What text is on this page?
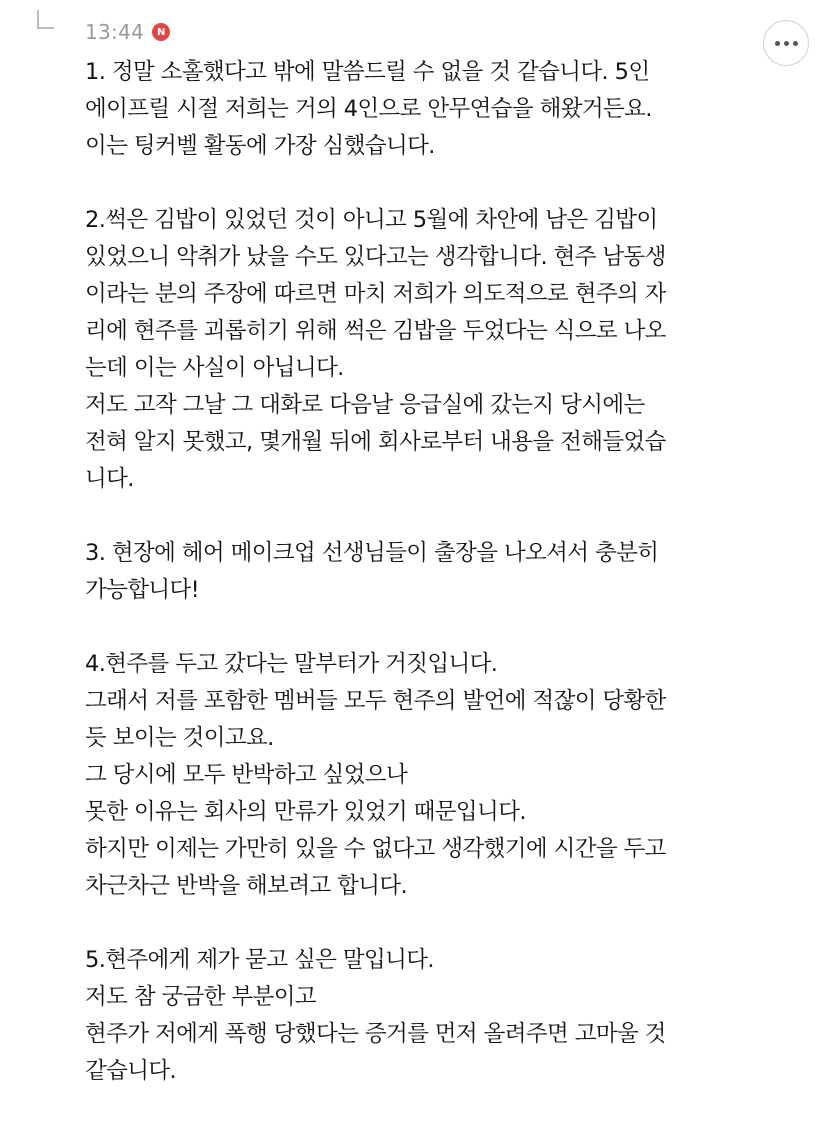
13:44	N
1. 정말 소홀했다고 밖에 말씀드릴 수 없을 것 같습니다. 5인
에이프릴 시절 저희는 거의 4인으로 안무연습을 해왔거든요.
이는 팅커벨 활동에 가장 심했습니다.
2.썩은 김밥이 있었던 것이 아니고 5월에 차안에 남은 김밥이
있었으니 악취가 났을 수도 있다고는 생각합니다. 현주 남동생
이라는 분의 주장에 따르면 마치 저희가 의도적으로 현주의 자
리에 현주를 괴롭히기 위해 썩은 김밥을 두었다는 식으로 나오
는데 이는 사실이 아닙니다.
저도 고작 그날 그 대화로 다음날 응급실에 갔는지 당시에는
전혀 알지 못했고, 몇개월 뒤에 회사로부터 내용을 전해들었습
니다.
3. 현장에 헤어 메이크업 선생님들이 출장을 나오셔서 충분히
가능합니다!
4.현주를 두고 갔다는 말부터가 거짓입니다.
그래서 저를 포함한 멤버들 모두 현주의 발언에 적잖이 당황한
듯 보이는 것이고요.
그 당시에 모두 반박하고 싶었으나
못한 이유는 회사의 만류가 있었기 때문입니다.
하지만 이제는 가만히 있을 수 없다고 생각했기에 시간을 두고
차근차근 반박을 해보려고 합니다.
5.현주에게 제가 묻고 싶은 말입니다.
저도 참 궁금한 부분이고
현주가 저에게 폭행 당했다는 증거를 먼저 올려주면 고마울 것
같습니다.
